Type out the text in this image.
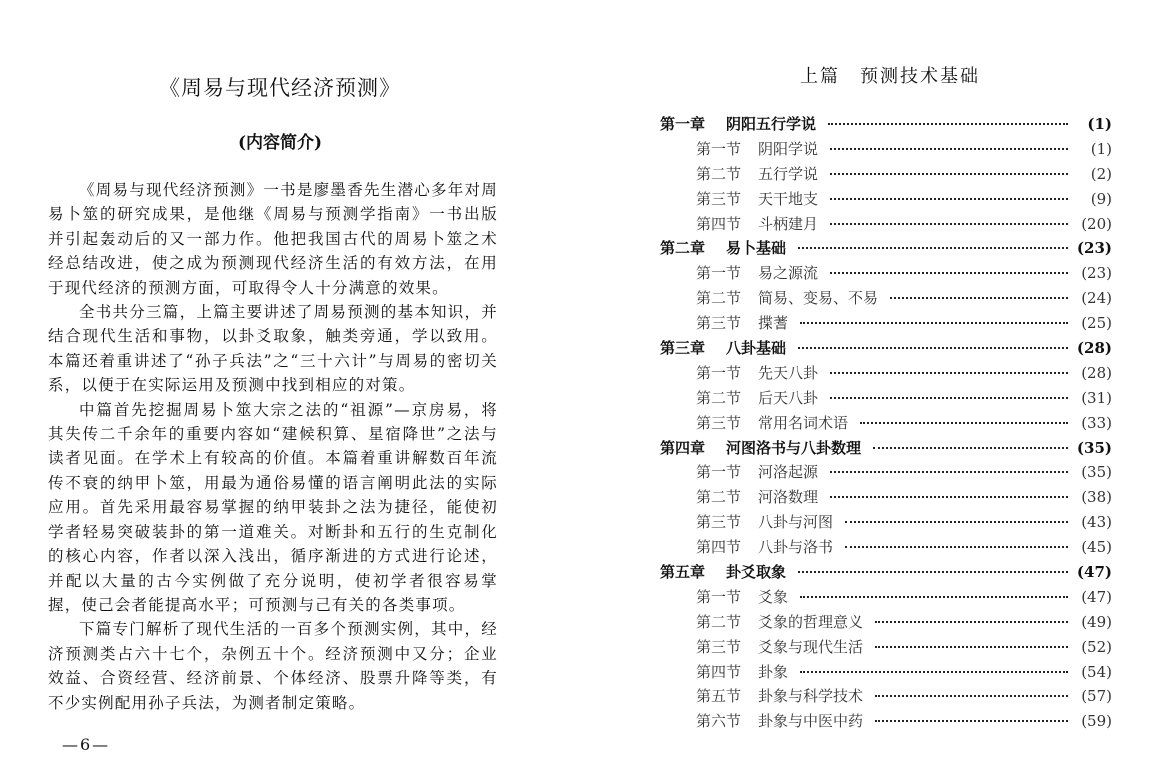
《周易与现代经济预测》
(内容简介)

《周易与现代经济预测》一书是廖墨香先生潜心多年对周易卜筮的研究成果，是他继《周易与预测学指南》一书出版并引起轰动后的又一部力作。他把我国古代的周易卜筮之术经总结改进，使之成为预测现代经济生活的有效方法，在用于现代经济的预测方面，可取得令人十分满意的效果。

全书共分三篇，上篇主要讲述了周易预测的基本知识，并结合现代生活和事物，以卦爻取象，触类旁通，学以致用。本篇还着重讲述了“孙子兵法”之“三十六计”与周易的密切关系，以便于在实际运用及预测中找到相应的对策。

中篇首先挖掘周易卜筮大宗之法的“祖源”—京房易，将其失传二千余年的重要内容如“建候积算、星宿降世”之法与读者见面。在学术上有较高的价值。本篇着重讲解数百年流传不衰的纳甲卜筮，用最为通俗易懂的语言阐明此法的实际应用。首先采用最容易掌握的纳甲装卦之法为捷径，能使初学者轻易突破装卦的第一道难关。对断卦和五行的生克制化的核心内容，作者以深入浅出，循序渐进的方式进行论述，并配以大量的古今实例做了充分说明，使初学者很容易掌握，使己会者能提高水平；可预测与己有关的各类事项。

下篇专门解析了现代生活的一百多个预测实例，其中，经济预测类占六十七个，杂例五十个。经济预测中又分；企业效益、合资经营、经济前景、个体经济、股票升降等类，有不少实例配用孙子兵法，为测者制定策略。

—6—
上篇　预测技术基础
第一章 阴阳五行学说	(1)
第一节 阴阳学说	(1)
第二节 五行学说	(2)
第三节 天干地支	(9)
第四节 斗柄建月	(20)
第二章 易卜基础	(23)
第一节 易之源流	(23)
第二节 简易、变易、不易	(24)
第三节 揲蓍	(25)
第三章 八卦基础	(28)
第一节 先天八卦	(28)
第二节 后天八卦	(31)
第三节 常用名词术语	(33)
第四章 河图洛书与八卦数理	(35)
第一节 河洛起源	(35)
第二节 河洛数理	(38)
第三节 八卦与河图	(43)
第四节 八卦与洛书	(45)
第五章 卦爻取象	(47)
第一节 爻象	(47)
第二节 爻象的哲理意义	(49)
第三节 爻象与现代生活	(52)
第四节 卦象	(54)
第五节 卦象与科学技术	(57)
第六节 卦象与中医中药	(59)
